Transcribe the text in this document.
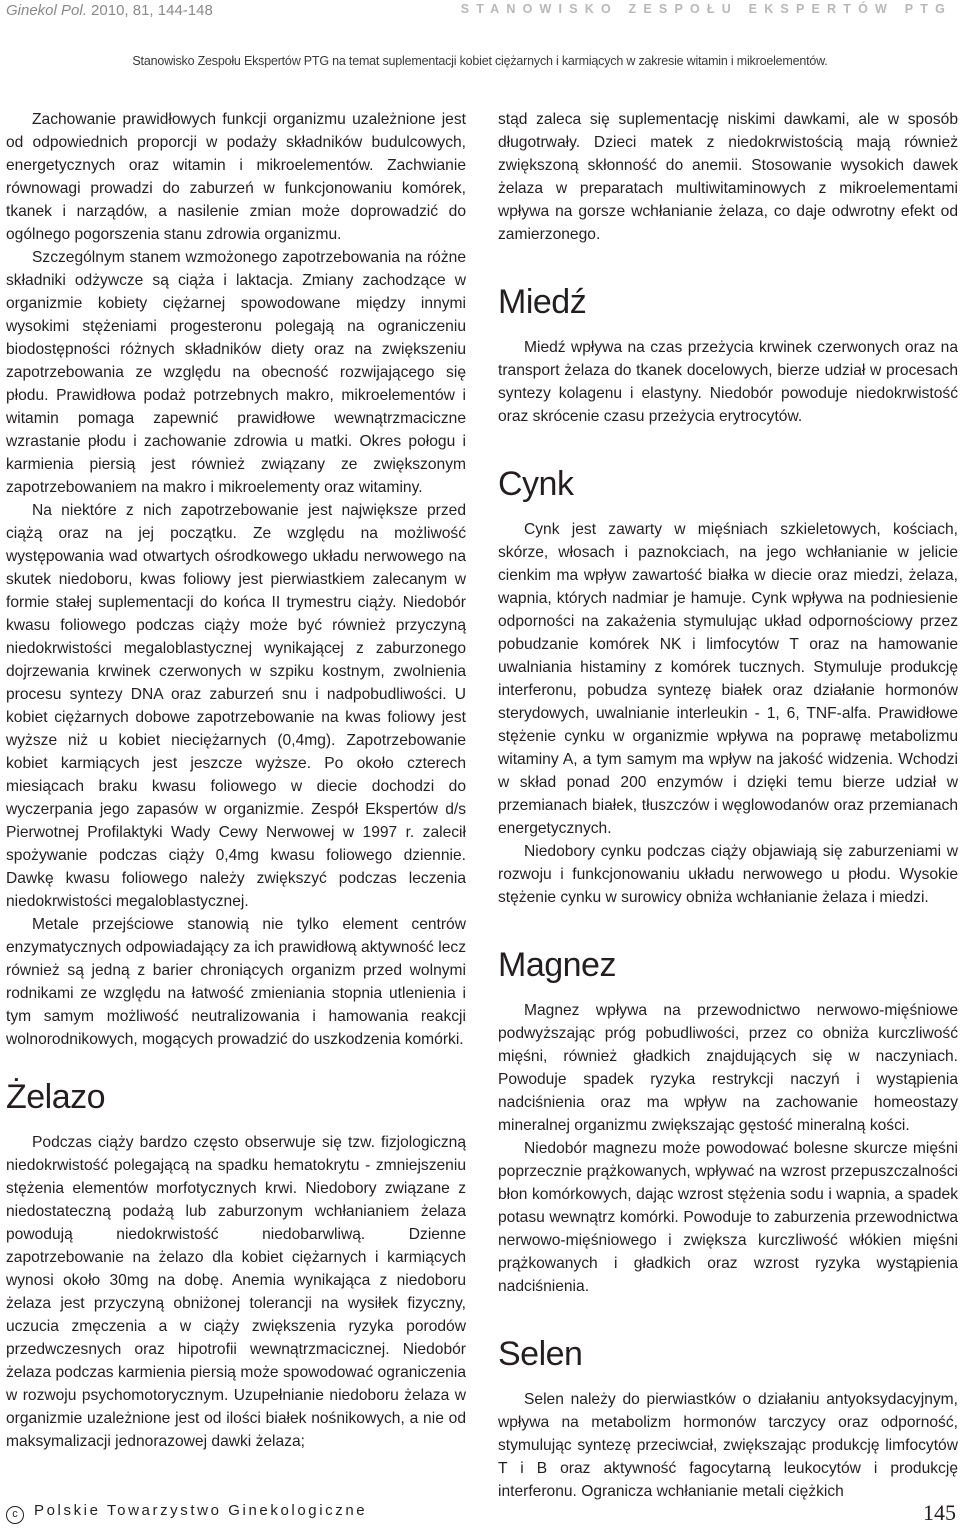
Ginekol Pol. 2010, 81, 144-148	STANOWISKO ZESPOŁU EKSPERTÓW PTG
Stanowisko Zespołu Ekspertów PTG na temat suplementacji kobiet ciężarnych i karmiących w zakresie witamin i mikroelementów.

Zachowanie prawidłowych funkcji organizmu uzależnione jest od odpowiednich proporcji w podaży składników budulcowych, energetycznych oraz witamin i mikroelementów. Zachwianie równowagi prowadzi do zaburzeń w funkcjonowaniu komórek, tkanek i narządów, a nasilenie zmian może doprowadzić do ogólnego pogorszenia stanu zdrowia organizmu.

Szczególnym stanem wzmożonego zapotrzebowania na różne składniki odżywcze są ciąża i laktacja. Zmiany zachodzące w organizmie kobiety ciężarnej spowodowane między innymi wysokimi stężeniami progesteronu polegają na ograniczeniu biodostępności różnych składników diety oraz na zwiększeniu zapotrzebowania ze względu na obecność rozwijającego się płodu. Prawidłowa podaż potrzebnych makro, mikroelementów i witamin pomaga zapewnić prawidłowe wewnątrzmaciczne wzrastanie płodu i zachowanie zdrowia u matki. Okres połogu i karmienia piersią jest również związany ze zwiększonym zapotrzebowaniem na makro i mikroelementy oraz witaminy.

Na niektóre z nich zapotrzebowanie jest największe przed ciążą oraz na jej początku. Ze względu na możliwość występowania wad otwartych ośrodkowego układu nerwowego na skutek niedoboru, kwas foliowy jest pierwiastkiem zalecanym w formie stałej suplementacji do końca II trymestru ciąży. Niedobór kwasu foliowego podczas ciąży może być również przyczyną niedokrwistości megaloblastycznej wynikającej z zaburzonego dojrzewania krwinek czerwonych w szpiku kostnym, zwolnienia procesu syntezy DNA oraz zaburzeń snu i nadpobudliwości. U kobiet ciężarnych dobowe zapotrzebowanie na kwas foliowy jest wyższe niż u kobiet nieciężarnych (0,4mg). Zapotrzebowanie kobiet karmiących jest jeszcze wyższe. Po około czterech miesiącach braku kwasu foliowego w diecie dochodzi do wyczerpania jego zapasów w organizmie. Zespół Ekspertów d/s Pierwotnej Profilaktyki Wady Cewy Nerwowej w 1997 r. zalecił spożywanie podczas ciąży 0,4mg kwasu foliowego dziennie. Dawkę kwasu foliowego należy zwiększyć podczas leczenia niedokrwistości megaloblastycznej.

Metale przejściowe stanowią nie tylko element centrów enzymatycznych odpowiadający za ich prawidłową aktywność lecz również są jedną z barier chroniących organizm przed wolnymi rodnikami ze względu na łatwość zmieniania stopnia utlenienia i tym samym możliwość neutralizowania i hamowania reakcji wolnorodnikowych, mogących prowadzić do uszkodzenia komórki.

Żelazo

Podczas ciąży bardzo często obserwuje się tzw. fizjologiczną niedokrwistość polegającą na spadku hematokrytu - zmniejszeniu stężenia elementów morfotycznych krwi. Niedobory związane z niedostateczną podażą lub zaburzonym wchłanianiem żelaza powodują niedokrwistość niedobarwliwą. Dzienne zapotrzebowanie na żelazo dla kobiet ciężarnych i karmiących wynosi około 30mg na dobę. Anemia wynikająca z niedoboru żelaza jest przyczyną obniżonej tolerancji na wysiłek fizyczny, uczucia zmęczenia a w ciąży zwiększenia ryzyka porodów przedwczesnych oraz hipotrofii wewnątrzmacicznej. Niedobór żelaza podczas karmienia piersią może spowodować ograniczenia w rozwoju psychomotorycznym. Uzupełnianie niedoboru żelaza w organizmie uzależnione jest od ilości białek nośnikowych, a nie od maksymalizacji jednorazowej dawki żelaza;

stąd zaleca się suplementację niskimi dawkami, ale w sposób długotrwały. Dzieci matek z niedokrwistością mają również zwiększoną skłonność do anemii. Stosowanie wysokich dawek żelaza w preparatach multiwitaminowych z mikroelementami wpływa na gorsze wchłanianie żelaza, co daje odwrotny efekt od zamierzonego.

Miedź

Miedź wpływa na czas przeżycia krwinek czerwonych oraz na transport żelaza do tkanek docelowych, bierze udział w procesach syntezy kolagenu i elastyny. Niedobór powoduje niedokrwistość oraz skrócenie czasu przeżycia erytrocytów.

Cynk

Cynk jest zawarty w mięśniach szkieletowych, kościach, skórze, włosach i paznokciach, na jego wchłanianie w jelicie cienkim ma wpływ zawartość białka w diecie oraz miedzi, żelaza, wapnia, których nadmiar je hamuje. Cynk wpływa na podniesienie odporności na zakażenia stymulując układ odpornościowy przez pobudzanie komórek NK i limfocytów T oraz na hamowanie uwalniania histaminy z komórek tucznych. Stymuluje produkcję interferonu, pobudza syntezę białek oraz działanie hormonów sterydowych, uwalnianie interleukin - 1, 6, TNF-alfa. Prawidłowe stężenie cynku w organizmie wpływa na poprawę metabolizmu witaminy A, a tym samym ma wpływ na jakość widzenia. Wchodzi w skład ponad 200 enzymów i dzięki temu bierze udział w przemianach białek, tłuszczów i węglowodanów oraz przemianach energetycznych.

Niedobory cynku podczas ciąży objawiają się zaburzeniami w rozwoju i funkcjonowaniu układu nerwowego u płodu. Wysokie stężenie cynku w surowicy obniża wchłanianie żelaza i miedzi.

Magnez

Magnez wpływa na przewodnictwo nerwowo-mięśniowe podwyższając próg pobudliwości, przez co obniża kurczliwość mięśni, również gładkich znajdujących się w naczyniach. Powoduje spadek ryzyka restrykcji naczyń i wystąpienia nadciśnienia oraz ma wpływ na zachowanie homeostazy mineralnej organizmu zwiększając gęstość mineralną kości.

Niedobór magnezu może powodować bolesne skurcze mięśni poprzecznie prążkowanych, wpływać na wzrost przepuszczalności błon komórkowych, dając wzrost stężenia sodu i wapnia, a spadek potasu wewnątrz komórki. Powoduje to zaburzenia przewodnictwa nerwowo-mięśniowego i zwiększa kurczliwość włókien mięśni prążkowanych i gładkich oraz wzrost ryzyka wystąpienia nadciśnienia.

Selen

Selen należy do pierwiastków o działaniu antyoksydacyjnym, wpływa na metabolizm hormonów tarczycy oraz odporność, stymulując syntezę przeciwciał, zwiększając produkcję limfocytów T i B oraz aktywność fagocytarną leukocytów i produkcję interferonu. Ogranicza wchłanianie metali ciężkich

c Polskie Towarzystwo Ginekologiczne	145
